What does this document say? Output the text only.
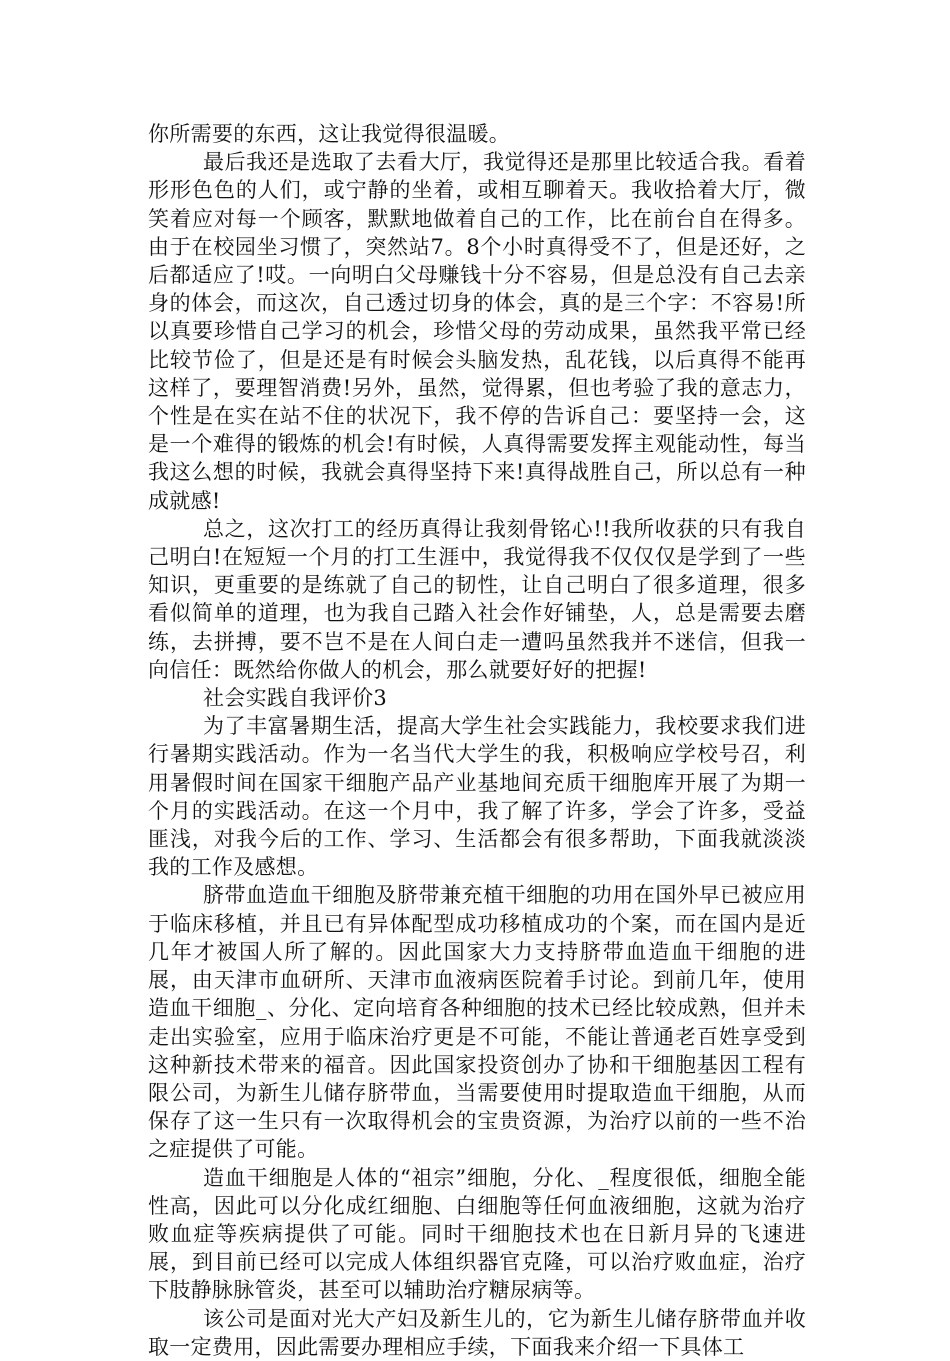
你所需要的东西，这让我觉得很温暖。

最后我还是选取了去看大厅，我觉得还是那里比较适合我。看着形形色色的人们，或宁静的坐着，或相互聊着天。我收拾着大厅，微笑着应对每一个顾客，默默地做着自己的工作，比在前台自在得多。由于在校园坐习惯了，突然站7。8个小时真得受不了，但是还好，之后都适应了!哎。一向明白父母赚钱十分不容易，但是总没有自己去亲身的体会，而这次，自己透过切身的体会，真的是三个字：不容易!所以真要珍惜自己学习的机会，珍惜父母的劳动成果，虽然我平常已经比较节俭了，但是还是有时候会头脑发热，乱花钱，以后真得不能再这样了，要理智消费!另外，虽然，觉得累，但也考验了我的意志力，个性是在实在站不住的状况下，我不停的告诉自己：要坚持一会，这是一个难得的锻炼的机会!有时候，人真得需要发挥主观能动性，每当我这么想的时候，我就会真得坚持下来!真得战胜自己，所以总有一种成就感!

总之，这次打工的经历真得让我刻骨铭心!!我所收获的只有我自己明白!在短短一个月的打工生涯中，我觉得我不仅仅仅是学到了一些知识，更重要的是练就了自己的韧性，让自己明白了很多道理，很多看似简单的道理，也为我自己踏入社会作好铺垫，人，总是需要去磨练，去拼搏，要不岂不是在人间白走一遭吗虽然我并不迷信，但我一向信任：既然给你做人的机会，那么就要好好的把握!

社会实践自我评价3

为了丰富暑期生活，提高大学生社会实践能力，我校要求我们进行暑期实践活动。作为一名当代大学生的我，积极响应学校号召，利用暑假时间在国家干细胞产品产业基地间充质干细胞库开展了为期一个月的实践活动。在这一个月中，我了解了许多，学会了许多，受益匪浅，对我今后的工作、学习、生活都会有很多帮助，下面我就淡淡我的工作及感想。

脐带血造血干细胞及脐带兼充植干细胞的功用在国外早已被应用于临床移植，并且已有异体配型成功移植成功的个案，而在国内是近几年才被国人所了解的。因此国家大力支持脐带血造血干细胞的进展，由天津市血研所、天津市血液病医院着手讨论。到前几年，使用造血干细胞_、分化、定向培育各种细胞的技术已经比较成熟，但并未走出实验室，应用于临床治疗更是不可能，不能让普通老百姓享受到这种新技术带来的福音。因此国家投资创办了协和干细胞基因工程有限公司，为新生儿储存脐带血，当需要使用时提取造血干细胞，从而保存了这一生只有一次取得机会的宝贵资源，为治疗以前的一些不治之症提供了可能。

造血干细胞是人体的“祖宗”细胞，分化、_程度很低，细胞全能性高，因此可以分化成红细胞、白细胞等任何血液细胞，这就为治疗败血症等疾病提供了可能。同时干细胞技术也在日新月异的飞速进展，到目前已经可以完成人体组织器官克隆，可以治疗败血症，治疗下肢静脉脉管炎，甚至可以辅助治疗糖尿病等。

该公司是面对光大产妇及新生儿的，它为新生儿储存脐带血并收取一定费用，因此需要办理相应手续，下面我来介绍一下具体工
